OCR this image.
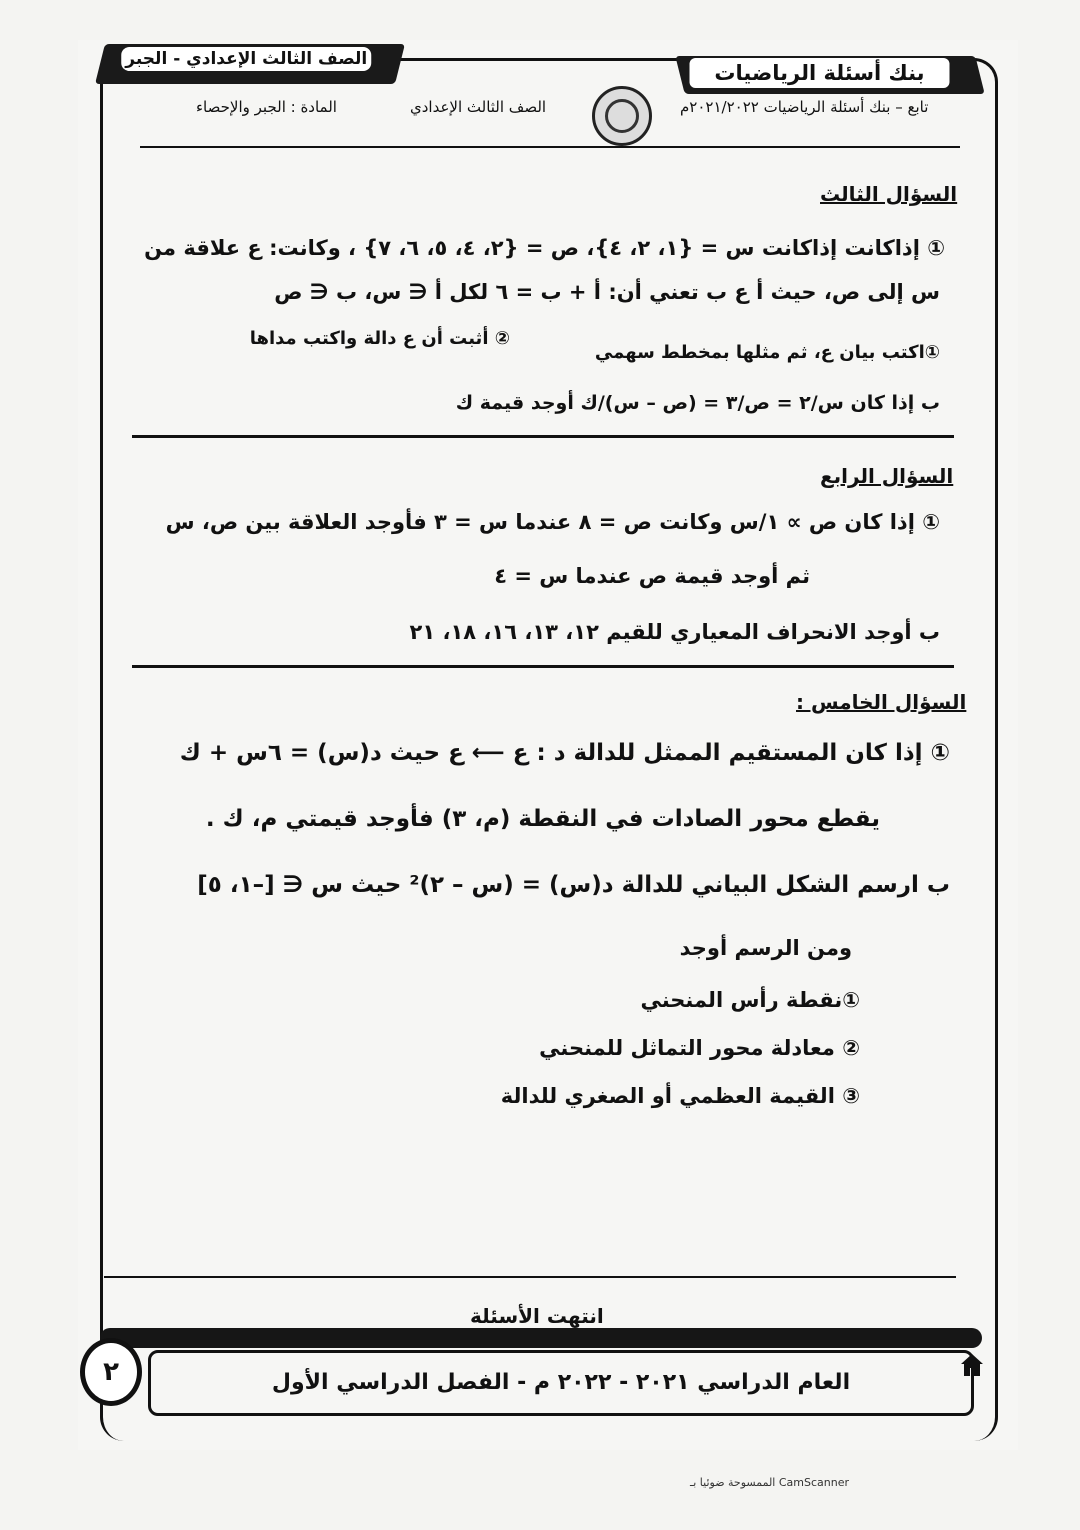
الصف الثالث الإعدادي - الجبر
بنك أسئلة الرياضيات
تابع – بنك أسئلة الرياضيات ٢٠٢١/٢٠٢٢م
الصف الثالث الإعدادي
المادة : الجبر والإحصاء
السؤال الثالث
① إذاكانت إذاكانت س = {١، ٢، ٤}، ص = {٢، ٤، ٥، ٦، ٧} ، وكانت: ع علاقة من
س إلى ص، حيث أ ع ب تعني أن: أ + ب = ٦ لكل أ ∈ س، ب ∈ ص
①اكتب بيان ع، ثم مثلها بمخطط سهمي
② أثبت أن ع دالة واكتب مداها
ب إذا كان س/٢ = ص/٣ = (ص – س)/ك أوجد قيمة ك
السؤال الرابع
① إذا كان ص ∝ ١/س وكانت ص = ٨ عندما س = ٣ فأوجد العلاقة بين ص، س
ثم أوجد قيمة ص عندما س = ٤
ب أوجد الانحراف المعياري للقيم ١٢، ١٣، ١٦، ١٨، ٢١
السؤال الخامس :
① إذا كان المستقيم الممثل للدالة د : ع ⟵ ع حيث د(س) = ٦س + ك
يقطع محور الصادات في النقطة (م، ٣) فأوجد قيمتي م، ك .
ب ارسم الشكل البياني للدالة د(س) = (س – ٢)² حيث س ∈ [–١، ٥]
ومن الرسم أوجد
①نقطة رأس المنحني
② معادلة محور التماثل للمنحني
③ القيمة العظمي أو الصغري للدالة
انتهت الأسئلة
العام الدراسي ٢٠٢١ - ٢٠٢٢ م - الفصل الدراسي الأول
٢
الممسوحة ضوئيا بـ CamScanner
